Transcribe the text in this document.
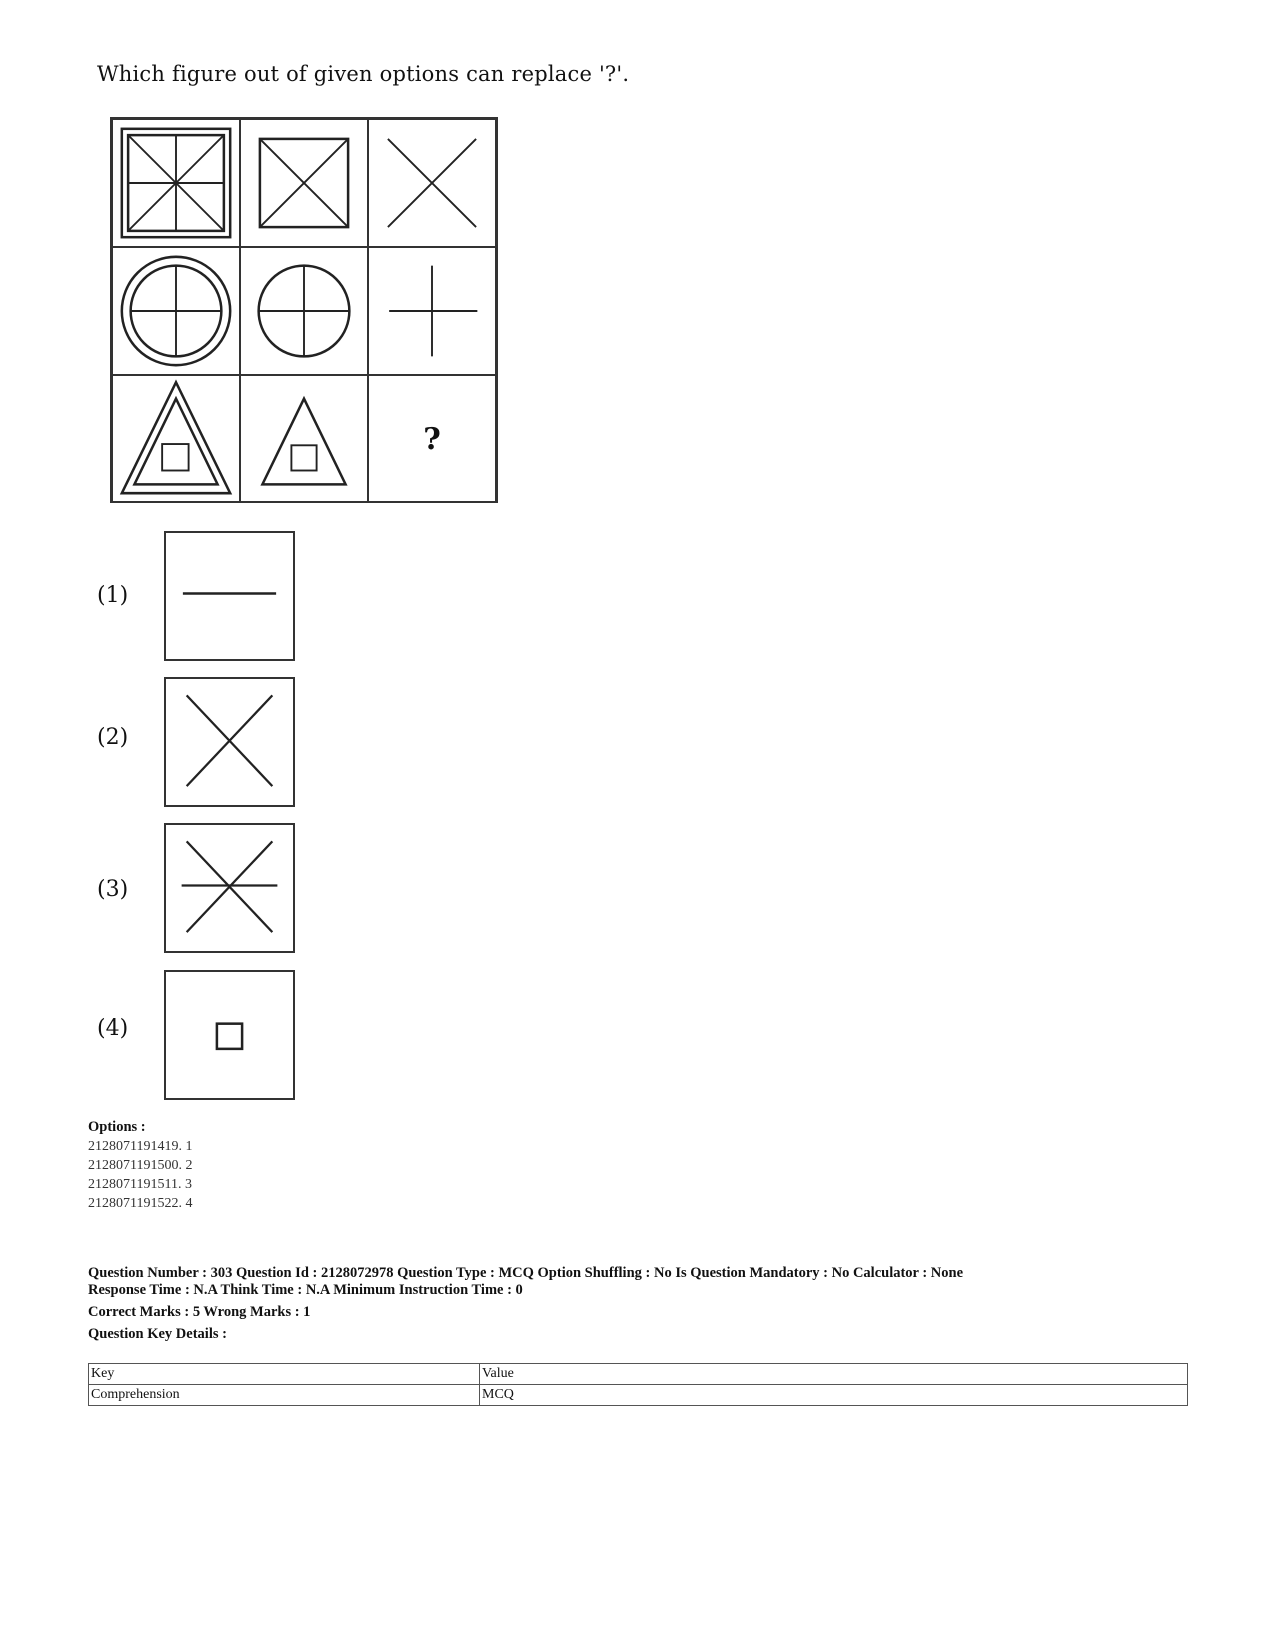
Which figure out of given options can replace '?'.
?
(1)
(2)
(3)
(4)
Options :
2128071191419. 1
2128071191500. 2
2128071191511. 3
2128071191522. 4
Question Number : 303 Question Id : 2128072978 Question Type : MCQ Option Shuffling : No Is Question Mandatory : No Calculator : None
Response Time : N.A Think Time : N.A Minimum Instruction Time : 0
Correct Marks : 5 Wrong Marks : 1
Question Key Details :
Key	Value
Comprehension	MCQ
